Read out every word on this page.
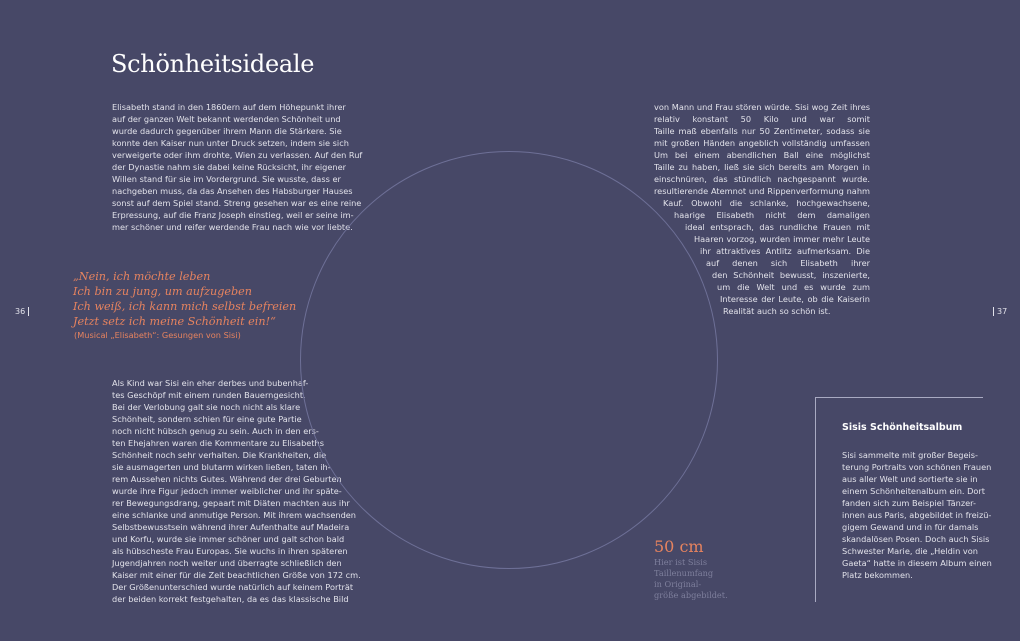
Schönheitsideale
Elisabeth stand in den 1860ern auf dem Höhepunkt ihrer
auf der ganzen Welt bekannt werdenden Schönheit und
wurde dadurch gegenüber ihrem Mann die Stärkere. Sie
konnte den Kaiser nun unter Druck setzen, indem sie sich
verweigerte oder ihm drohte, Wien zu verlassen. Auf den Ruf
der Dynastie nahm sie dabei keine Rücksicht, ihr eigener
Willen stand für sie im Vordergrund. Sie wusste, dass er
nachgeben muss, da das Ansehen des Habsburger Hauses
sonst auf dem Spiel stand. Streng gesehen war es eine reine
Erpressung, auf die Franz Joseph einstieg, weil er seine im-
mer schöner und reifer werdende Frau nach wie vor liebte.
„Nein, ich möchte leben
Ich bin zu jung, um aufzugeben
Ich weiß, ich kann mich selbst befreien
Jetzt setz ich meine Schönheit ein!“

(Musical „Elisabeth“: Gesungen von Sisi)

36	37
Als Kind war Sisi ein eher derbes und bubenhaf-
tes Geschöpf mit einem runden Bauerngesicht.
Bei der Verlobung galt sie noch nicht als klare
Schönheit, sondern schien für eine gute Partie
noch nicht hübsch genug zu sein. Auch in den ers-
ten Ehejahren waren die Kommentare zu Elisabeths
Schönheit noch sehr verhalten. Die Krankheiten, die
sie ausmagerten und blutarm wirken ließen, taten ih-
rem Aussehen nichts Gutes. Während der drei Geburten
wurde ihre Figur jedoch immer weiblicher und ihr späte-
rer Bewegungsdrang, gepaart mit Diäten machten aus ihr
eine schlanke und anmutige Person. Mit ihrem wachsenden
Selbstbewusstsein während ihrer Aufenthalte auf Madeira
und Korfu, wurde sie immer schöner und galt schon bald
als hübscheste Frau Europas. Sie wuchs in ihren späteren
Jugendjahren noch weiter und überragte schließlich den
Kaiser mit einer für die Zeit beachtlichen Größe von 172 cm.
Der Größenunterschied wurde natürlich auf keinem Porträt
der beiden korrekt festgehalten, da es das klassische Bild
von Mann und Frau stören würde. Sisi wog Zeit ihres
relativ konstant 50 Kilo und war somit
Taille maß ebenfalls nur 50 Zentimeter, sodass sie
mit großen Händen angeblich vollständig umfassen
Um bei einem abendlichen Ball eine möglichst
Taille zu haben, ließ sie sich bereits am Morgen in
einschnüren, das stündlich nachgespannt wurde.
resultierende Atemnot und Rippenverformung nahm
Kauf. Obwohl die schlanke, hochgewachsene,
haarige Elisabeth nicht dem damaligen
ideal entsprach, das rundliche Frauen mit
Haaren vorzog, wurden immer mehr Leute
ihr attraktives Antlitz aufmerksam. Die
auf denen sich Elisabeth ihrer
den Schönheit bewusst, inszenierte,
um die Welt und es wurde zum
Interesse der Leute, ob die Kaiserin
Realität auch so schön ist.

50 cm

Hier ist Sisis
Taillenumfang
in Original-
größe abgebildet.
Sisis Schönheitsalbum
Sisi sammelte mit großer Begeis-
terung Portraits von schönen Frauen
aus aller Welt und sortierte sie in
einem Schönheitenalbum ein. Dort
fanden sich zum Beispiel Tänzer-
innen aus Paris, abgebildet in freizü-
gigem Gewand und in für damals
skandalösen Posen. Doch auch Sisis
Schwester Marie, die „Heldin von
Gaeta“ hatte in diesem Album einen
Platz bekommen.
